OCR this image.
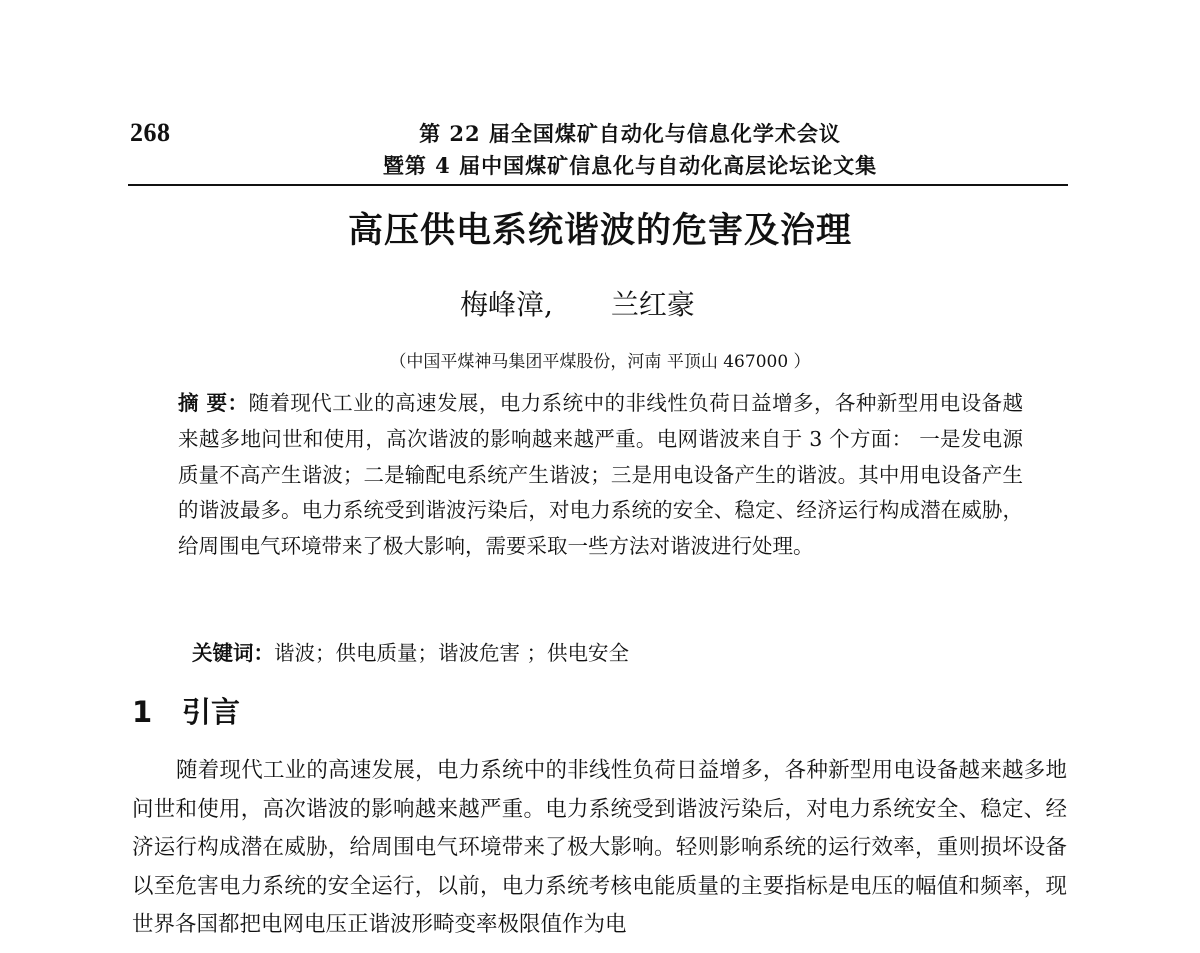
268	第 22 届全国煤矿自动化与信息化学术会议
暨第 4 届中国煤矿信息化与自动化高层论坛论文集
高压供电系统谐波的危害及治理
梅峰漳, 兰红豪
（中国平煤神马集团平煤股份，河南 平顶山 467000 ）
摘 要：随着现代工业的高速发展，电力系统中的非线性负荷日益增多，各种新型用电设备越来越多地问世和使用，高次谐波的影响越来越严重。电网谐波来自于 3 个方面： 一是发电源质量不高产生谐波；二是输配电系统产生谐波；三是用电设备产生的谐波。其中用电设备产生的谐波最多。电力系统受到谐波污染后，对电力系统的安全、稳定、经济运行构成潜在威胁，给周围电气环境带来了极大影响，需要采取一些方法对谐波进行处理。
关键词：谐波；供电质量；谐波危害 ；供电安全
1 引言
随着现代工业的高速发展，电力系统中的非线性负荷日益增多，各种新型用电设备越来越多地问世和使用，高次谐波的影响越来越严重。电力系统受到谐波污染后，对电力系统安全、稳定、经济运行构成潜在威胁，给周围电气环境带来了极大影响。轻则影响系统的运行效率，重则损坏设备以至危害电力系统的安全运行，以前，电力系统考核电能质量的主要指标是电压的幅值和频率，现世界各国都把电网电压正谐波形畸变率极限值作为电
